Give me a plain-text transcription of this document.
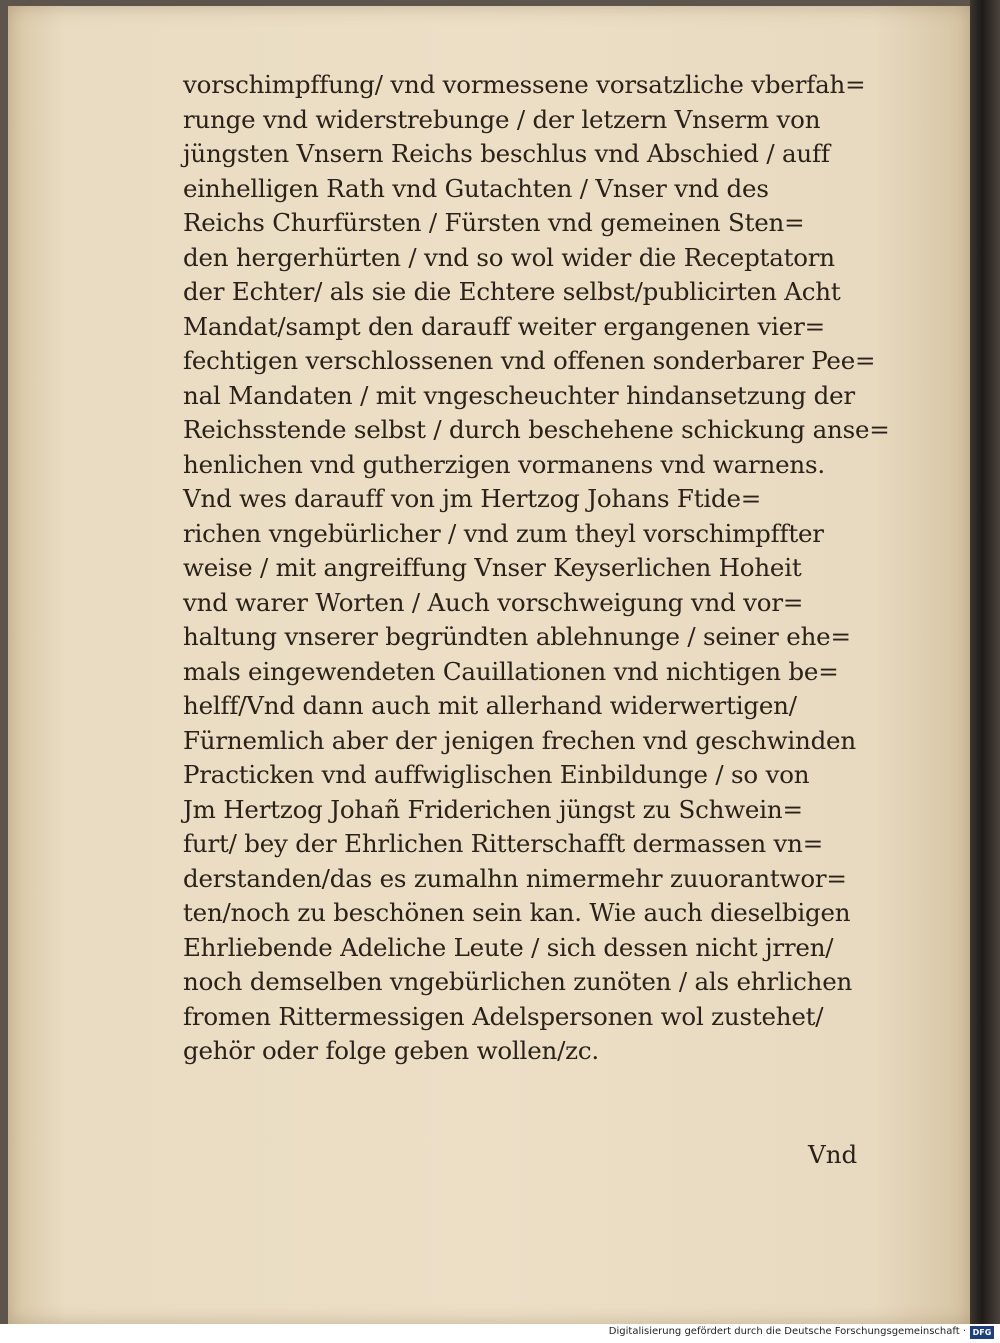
vorschimpffung/ vnd vormessene vorsatzliche vberfah=
runge vnd widerstrebunge / der letzern Vnserm von
jüngsten Vnsern Reichs beschlus vnd Abschied / auff
einhelligen Rath vnd Gutachten / Vnser vnd des
Reichs Churfürsten / Fürsten vnd gemeinen Sten=
den hergerhürten / vnd so wol wider die Receptatorn
der Echter/ als sie die Echtere selbst/publicirten Acht
Mandat/sampt den darauff weiter ergangenen vier=
fechtigen verschlossenen vnd offenen sonderbarer Pee=
nal Mandaten / mit vngescheuchter hindansetzung der
Reichsstende selbst / durch beschehene schickung anse=
henlichen vnd gutherzigen vormanens vnd warnens.
Vnd wes darauff von jm Hertzog Johans Ftide=
richen vngebürlicher / vnd zum theyl vorschimpffter
weise / mit angreiffung Vnser Keyserlichen Hoheit
vnd warer Worten / Auch vorschweigung vnd vor=
haltung vnserer begründten ablehnunge / seiner ehe=
mals eingewendeten Cauillationen vnd nichtigen be=
helff/Vnd dann auch mit allerhand widerwertigen/
Fürnemlich aber der jenigen frechen vnd geschwinden
Practicken vnd auffwiglischen Einbildunge / so von
Jm Hertzog Johañ Friderichen jüngst zu Schwein=
furt/ bey der Ehrlichen Ritterschafft dermassen vn=
derstanden/das es zumalhn nimermehr zuuorantwor=
ten/noch zu beschönen sein kan. Wie auch dieselbigen
Ehrliebende Adeliche Leute / sich dessen nicht jrren/
noch demselben vngebürlichen zunöten / als ehrlichen
fromen Rittermessigen Adelspersonen wol zustehet/
gehör oder folge geben wollen/zc.
Vnd
Digitalisierung gefördert durch die Deutsche Forschungsgemeinschaft · DFG
